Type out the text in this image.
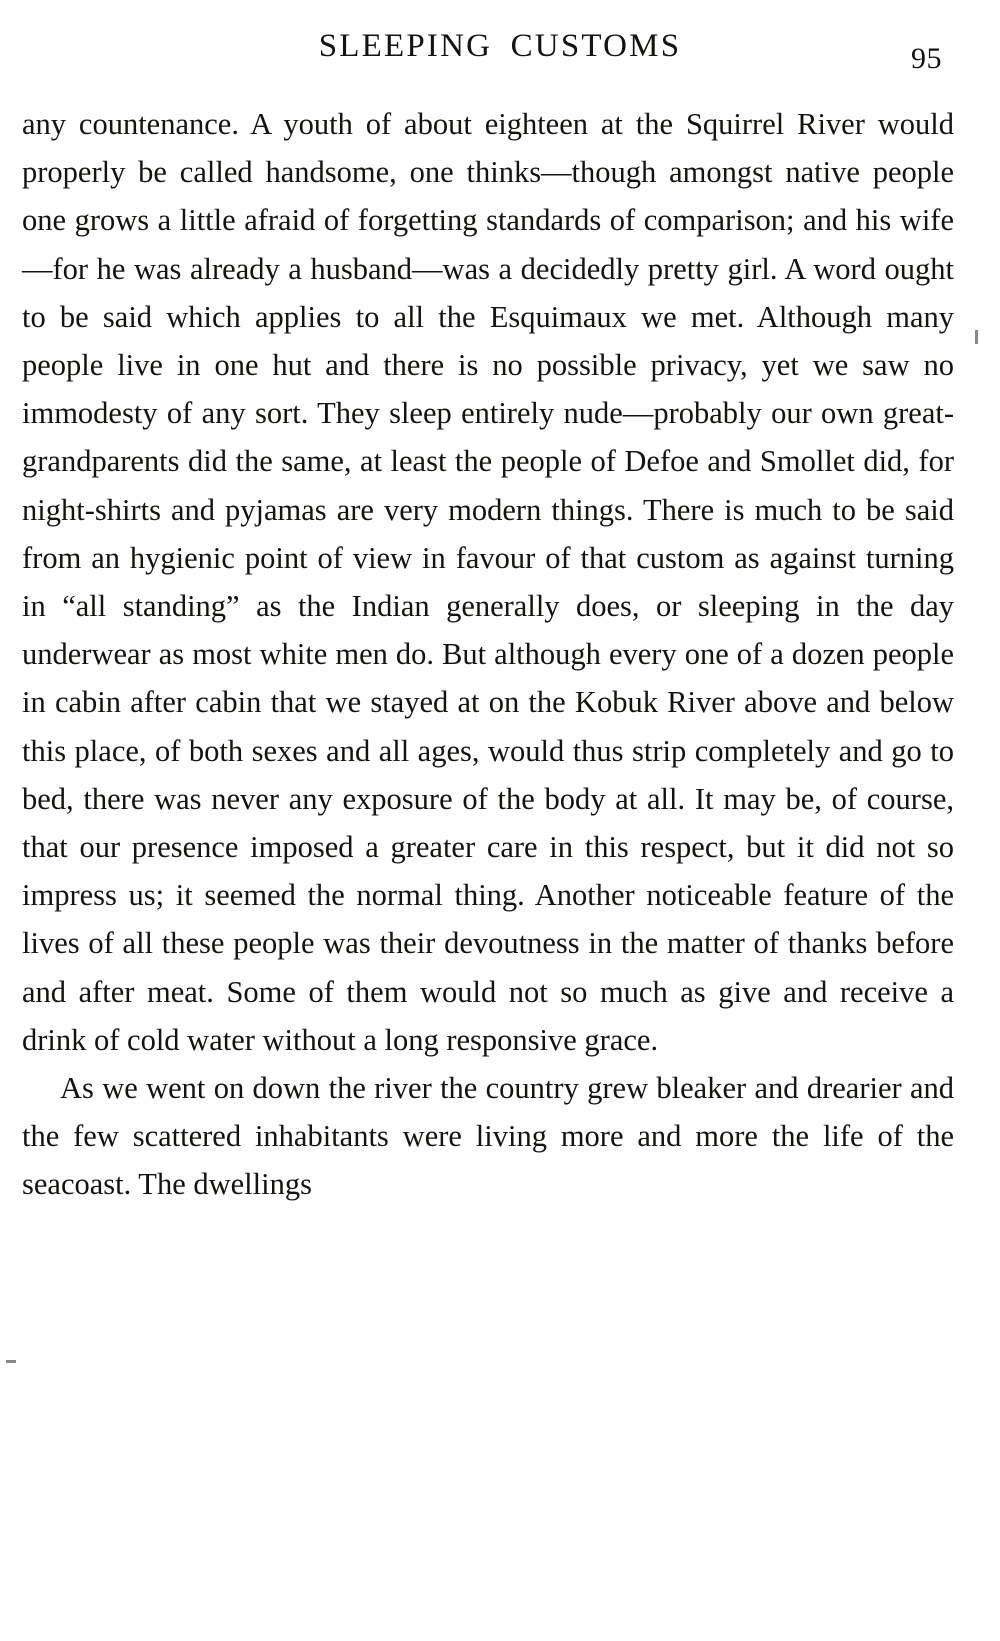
SLEEPING CUSTOMS	95

any countenance. A youth of about eighteen at the Squirrel River would properly be called handsome, one thinks—though amongst native people one grows a little afraid of forgetting standards of comparison; and his wife—for he was already a husband—was a decidedly pretty girl. A word ought to be said which applies to all the Esquimaux we met. Although many people live in one hut and there is no possible privacy, yet we saw no immodesty of any sort. They sleep entirely nude—probably our own great-grandparents did the same, at least the people of Defoe and Smollet did, for night-shirts and pyjamas are very modern things. There is much to be said from an hygienic point of view in favour of that custom as against turning in “all standing” as the Indian generally does, or sleeping in the day underwear as most white men do. But although every one of a dozen people in cabin after cabin that we stayed at on the Kobuk River above and below this place, of both sexes and all ages, would thus strip completely and go to bed, there was never any exposure of the body at all. It may be, of course, that our presence imposed a greater care in this respect, but it did not so impress us; it seemed the normal thing. Another noticeable feature of the lives of all these people was their devoutness in the matter of thanks before and after meat. Some of them would not so much as give and receive a drink of cold water without a long responsive grace.

As we went on down the river the country grew bleaker and drearier and the few scattered inhabitants were living more and more the life of the seacoast. The dwellings
